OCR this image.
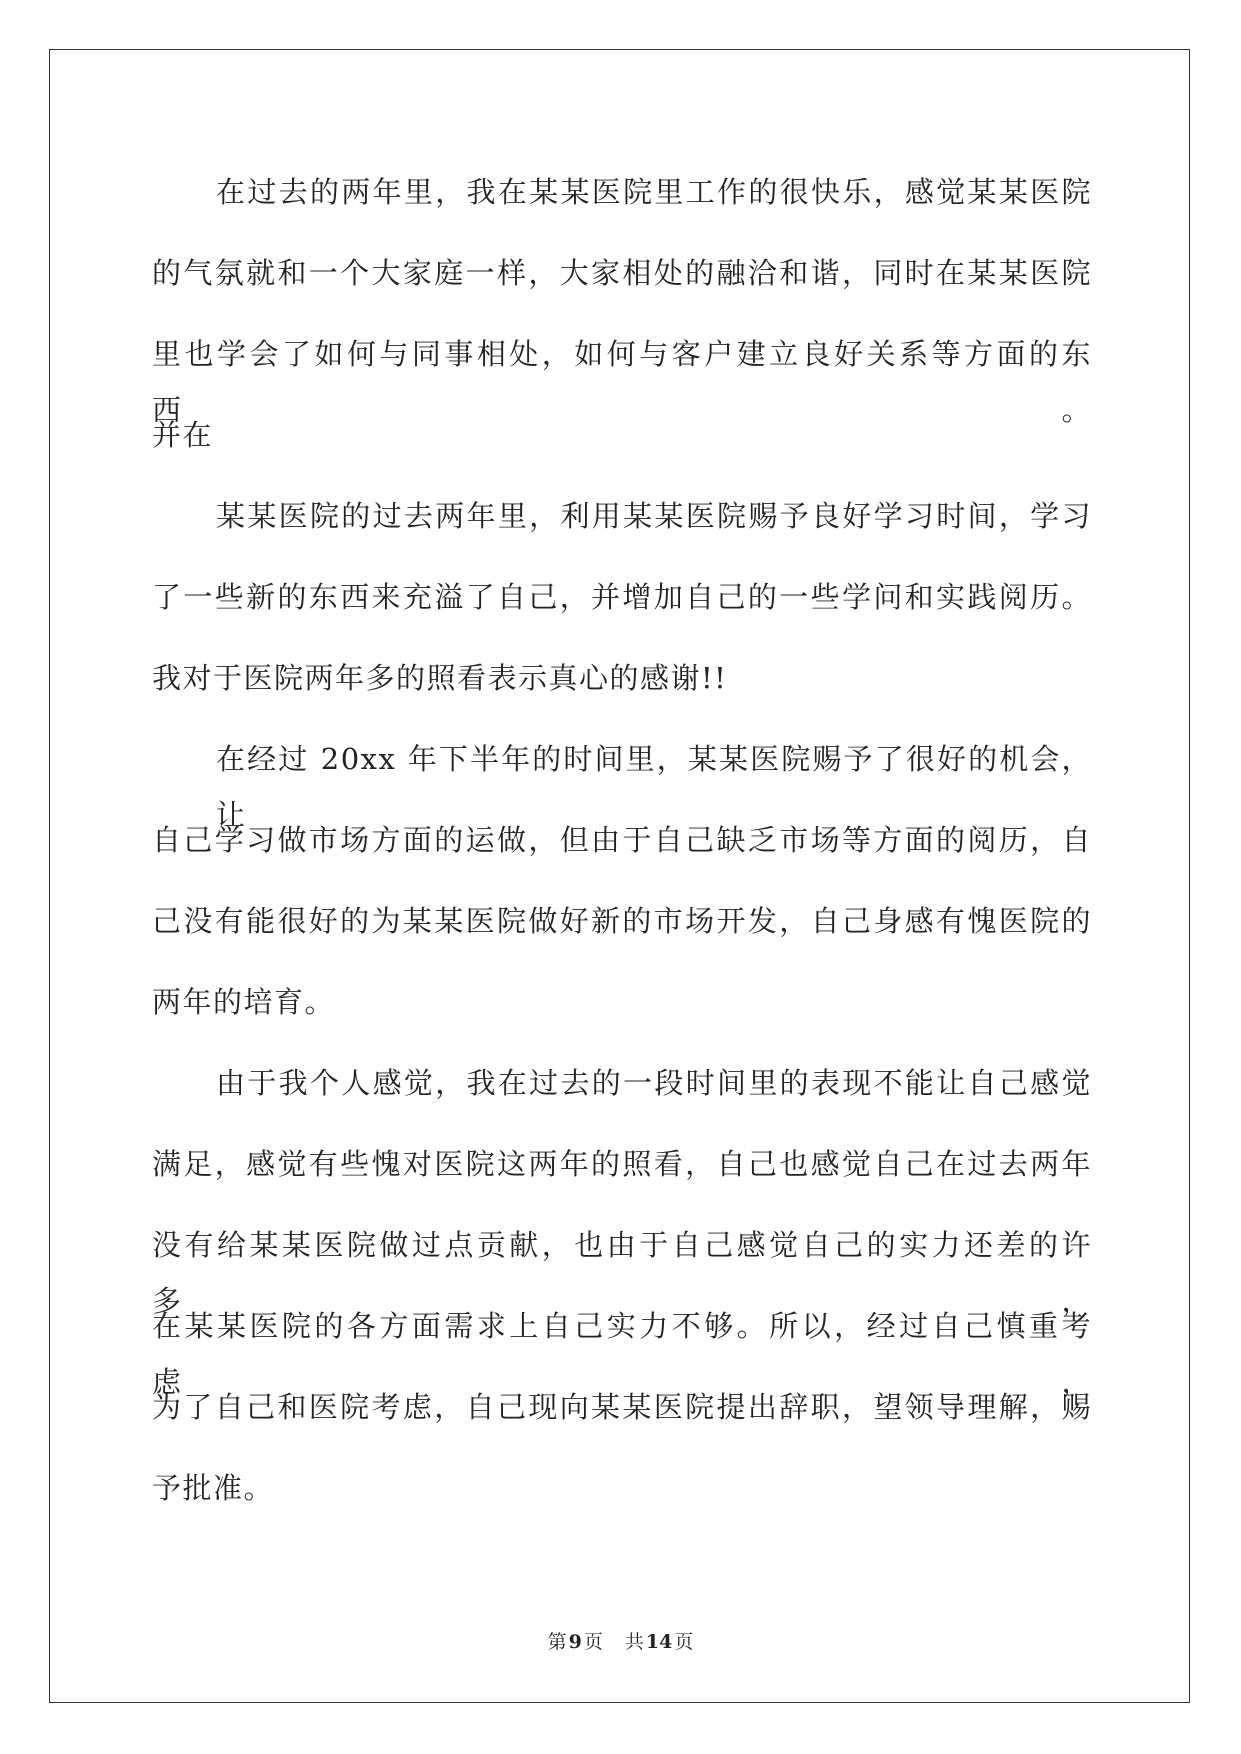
在过去的两年里，我在某某医院里工作的很快乐，感觉某某医院
的气氛就和一个大家庭一样，大家相处的融洽和谐，同时在某某医院
里也学会了如何与同事相处，如何与客户建立良好关系等方面的东西。
并在
某某医院的过去两年里，利用某某医院赐予良好学习时间，学习
了一些新的东西来充溢了自己，并增加自己的一些学问和实践阅历。
我对于医院两年多的照看表示真心的感谢!!
在经过 20xx 年下半年的时间里，某某医院赐予了很好的机会，让
自己学习做市场方面的运做，但由于自己缺乏市场等方面的阅历，自
己没有能很好的为某某医院做好新的市场开发，自己身感有愧医院的
两年的培育。
由于我个人感觉，我在过去的一段时间里的表现不能让自己感觉
满足，感觉有些愧对医院这两年的照看，自己也感觉自己在过去两年
没有给某某医院做过点贡献，也由于自己感觉自己的实力还差的许多，
在某某医院的各方面需求上自己实力不够。所以，经过自己慎重考虑，
为了自己和医院考虑，自己现向某某医院提出辞职，望领导理解，赐
予批准。
第 9 页 共 14 页
